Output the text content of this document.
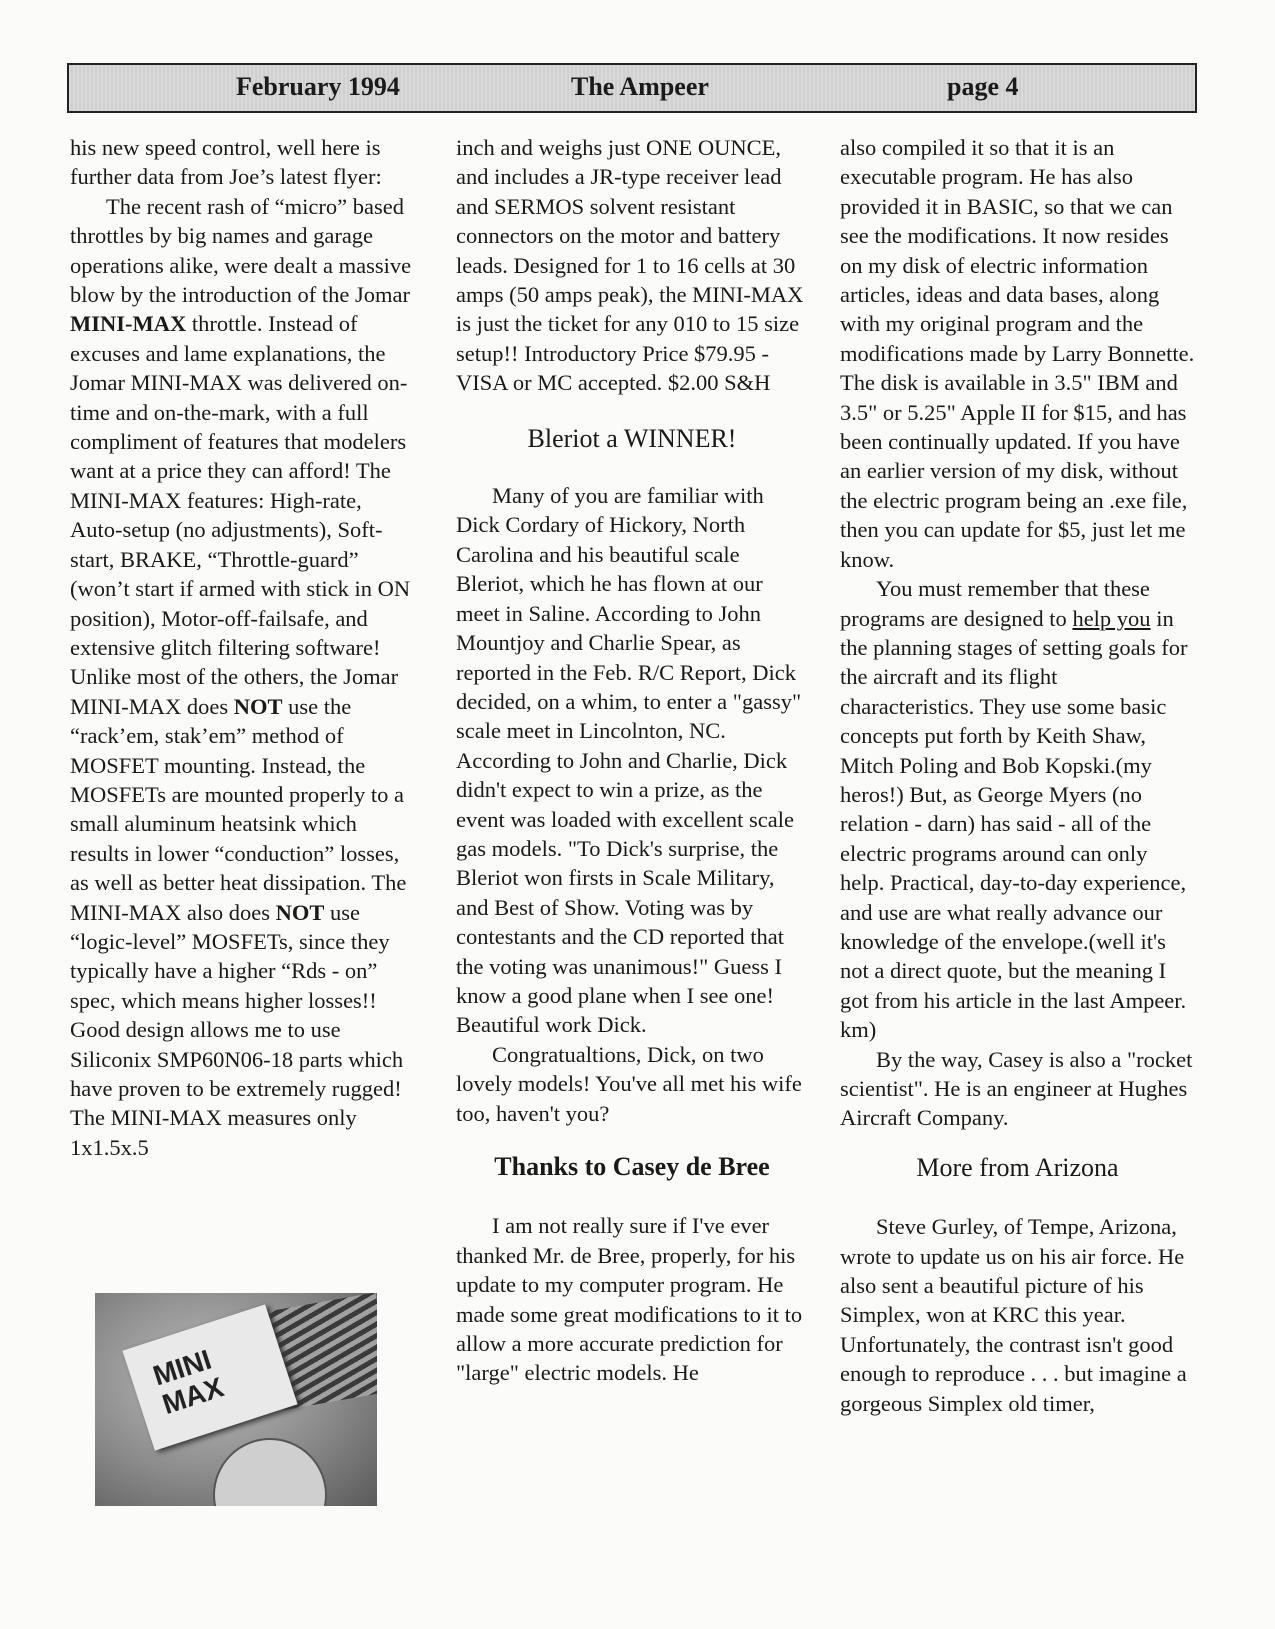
February 1994	The Ampeer	page 4

his new speed control, well here is further data from Joe’s latest flyer:

The recent rash of “micro” based throttles by big names and garage operations alike, were dealt a massive blow by the introduction of the Jomar MINI-MAX throttle. Instead of excuses and lame explanations, the Jomar MINI-MAX was delivered on-time and on-the-mark, with a full compliment of features that modelers want at a price they can afford! The MINI-MAX features: High-rate, Auto-setup (no adjustments), Soft-start, BRAKE, “Throttle-guard” (won’t start if armed with stick in ON position), Motor-off-failsafe, and extensive glitch filtering software! Unlike most of the others, the Jomar MINI-MAX does NOT use the “rack’em, stak’em” method of MOSFET mounting. Instead, the MOSFETs are mounted properly to a small aluminum heatsink which results in lower “conduction” losses, as well as better heat dissipation. The MINI-MAX also does NOT use “logic-level” MOSFETs, since they typically have a higher “Rds - on” spec, which means higher losses!! Good design allows me to use Siliconix SMP60N06-18 parts which have proven to be extremely rugged! The MINI-MAX measures only 1x1.5x.5

MINI MAX

inch and weighs just ONE OUNCE, and includes a JR-type receiver lead and SERMOS solvent resistant connectors on the motor and battery leads. Designed for 1 to 16 cells at 30 amps (50 amps peak), the MINI-MAX is just the ticket for any 010 to 15 size setup!! Introductory Price $79.95 - VISA or MC accepted. $2.00 S&H

Bleriot a WINNER!

Many of you are familiar with Dick Cordary of Hickory, North Carolina and his beautiful scale Bleriot, which he has flown at our meet in Saline. According to John Mountjoy and Charlie Spear, as reported in the Feb. R/C Report, Dick decided, on a whim, to enter a "gassy" scale meet in Lincolnton, NC. According to John and Charlie, Dick didn't expect to win a prize, as the event was loaded with excellent scale gas models. "To Dick's surprise, the Bleriot won firsts in Scale Military, and Best of Show. Voting was by contestants and the CD reported that the voting was unanimous!" Guess I know a good plane when I see one! Beautiful work Dick.

Congratualtions, Dick, on two lovely models! You've all met his wife too, haven't you?

Thanks to Casey de Bree

I am not really sure if I've ever thanked Mr. de Bree, properly, for his update to my computer program. He made some great modifications to it to allow a more accurate prediction for "large" electric models. He

also compiled it so that it is an executable program. He has also provided it in BASIC, so that we can see the modifications. It now resides on my disk of electric information articles, ideas and data bases, along with my original program and the modifications made by Larry Bonnette. The disk is available in 3.5" IBM and 3.5" or 5.25" Apple II for $15, and has been continually updated. If you have an earlier version of my disk, without the electric program being an .exe file, then you can update for $5, just let me know.

You must remember that these programs are designed to help you in the planning stages of setting goals for the aircraft and its flight characteristics. They use some basic concepts put forth by Keith Shaw, Mitch Poling and Bob Kopski.(my heros!) But, as George Myers (no relation - darn) has said - all of the electric programs around can only help. Practical, day-to-day experience, and use are what really advance our knowledge of the envelope.(well it's not a direct quote, but the meaning I got from his article in the last Ampeer. km)

By the way, Casey is also a "rocket scientist". He is an engineer at Hughes Aircraft Company.

More from Arizona

Steve Gurley, of Tempe, Arizona, wrote to update us on his air force. He also sent a beautiful picture of his Simplex, won at KRC this year. Unfortunately, the contrast isn't good enough to reproduce . . . but imagine a gorgeous Simplex old timer,
